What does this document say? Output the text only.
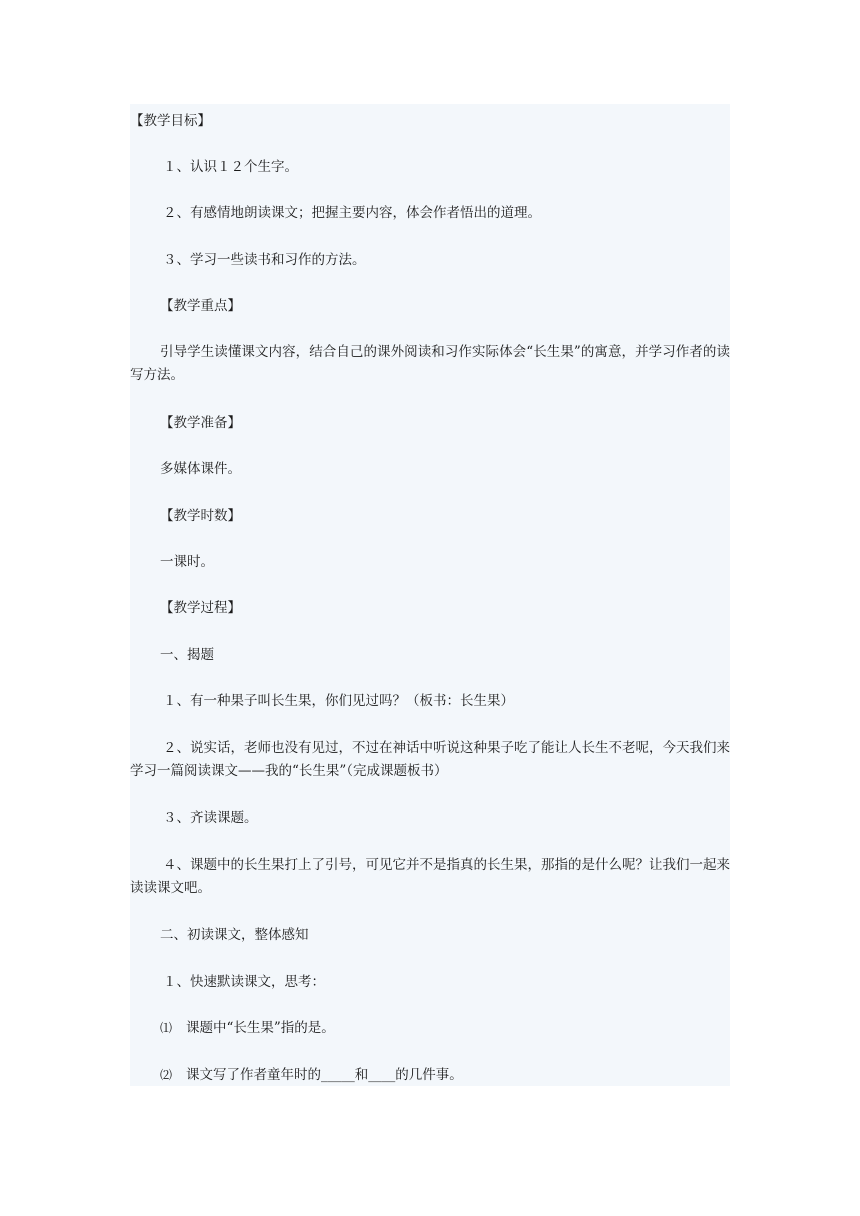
【教学目标】

１、认识１２个生字。

２、有感情地朗读课文；把握主要内容，体会作者悟出的道理。

３、学习一些读书和习作的方法。

【教学重点】

引导学生读懂课文内容，结合自己的课外阅读和习作实际体会“长生果”的寓意，并学习作者的读写方法。

【教学准备】

多媒体课件。

【教学时数】

一课时。

【教学过程】

一、揭题

１、有一种果子叫长生果，你们见过吗？（板书：长生果）

２、说实话，老师也没有见过，不过在神话中听说这种果子吃了能让人长生不老呢，今天我们来学习一篇阅读课文——我的“长生果”（完成课题板书）

３、齐读课题。

４、课题中的长生果打上了引号，可见它并不是指真的长生果，那指的是什么呢？让我们一起来读读课文吧。

二、初读课文，整体感知

１、快速默读课文，思考：

⑴ 课题中“长生果”指的是。

⑵ 课文写了作者童年时的_____和____的几件事。
